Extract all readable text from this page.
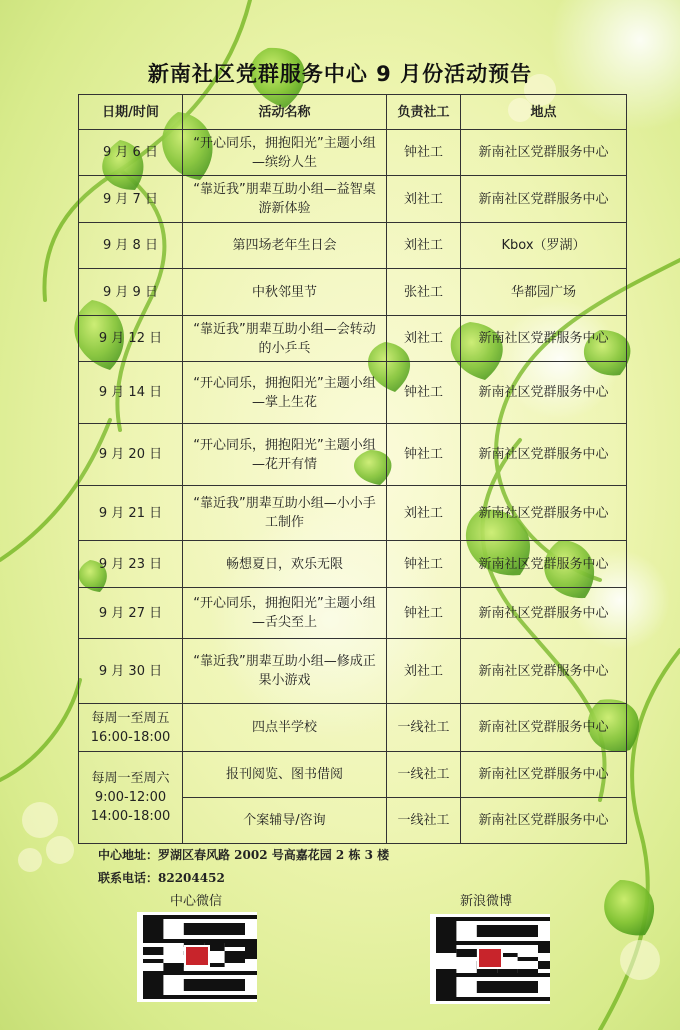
新南社区党群服务中心 9 月份活动预告
日期/时间	活动名称	负责社工	地点
9 月 6 日	“开心同乐，拥抱阳光”主题小组—缤纷人生	钟社工	新南社区党群服务中心
9 月 7 日	“靠近我”朋辈互助小组—益智桌游新体验	刘社工	新南社区党群服务中心
9 月 8 日	第四场老年生日会	刘社工	Kbox（罗湖）
9 月 9 日	中秋邻里节	张社工	华都园广场
9 月 12 日	“靠近我”朋辈互助小组—会转动的小乒乓	刘社工	新南社区党群服务中心
9 月 14 日	“开心同乐，拥抱阳光”主题小组—掌上生花	钟社工	新南社区党群服务中心
9 月 20 日	“开心同乐，拥抱阳光”主题小组—花开有情	钟社工	新南社区党群服务中心
9 月 21 日	“靠近我”朋辈互助小组—小小手工制作	刘社工	新南社区党群服务中心
9 月 23 日	畅想夏日，欢乐无限	钟社工	新南社区党群服务中心
9 月 27 日	“开心同乐，拥抱阳光”主题小组—舌尖至上	钟社工	新南社区党群服务中心
9 月 30 日	“靠近我”朋辈互助小组—修成正果小游戏	刘社工	新南社区党群服务中心
每周一至周五 16:00-18:00	四点半学校	一线社工	新南社区党群服务中心
每周一至周六 9:00-12:00 14:00-18:00	报刊阅览、图书借阅	一线社工	新南社区党群服务中心
	个案辅导/咨询	一线社工	新南社区党群服务中心
中心地址：罗湖区春风路 2002 号高嘉花园 2 栋 3 楼
联系电话：82204452
中心微信	新浪微博
